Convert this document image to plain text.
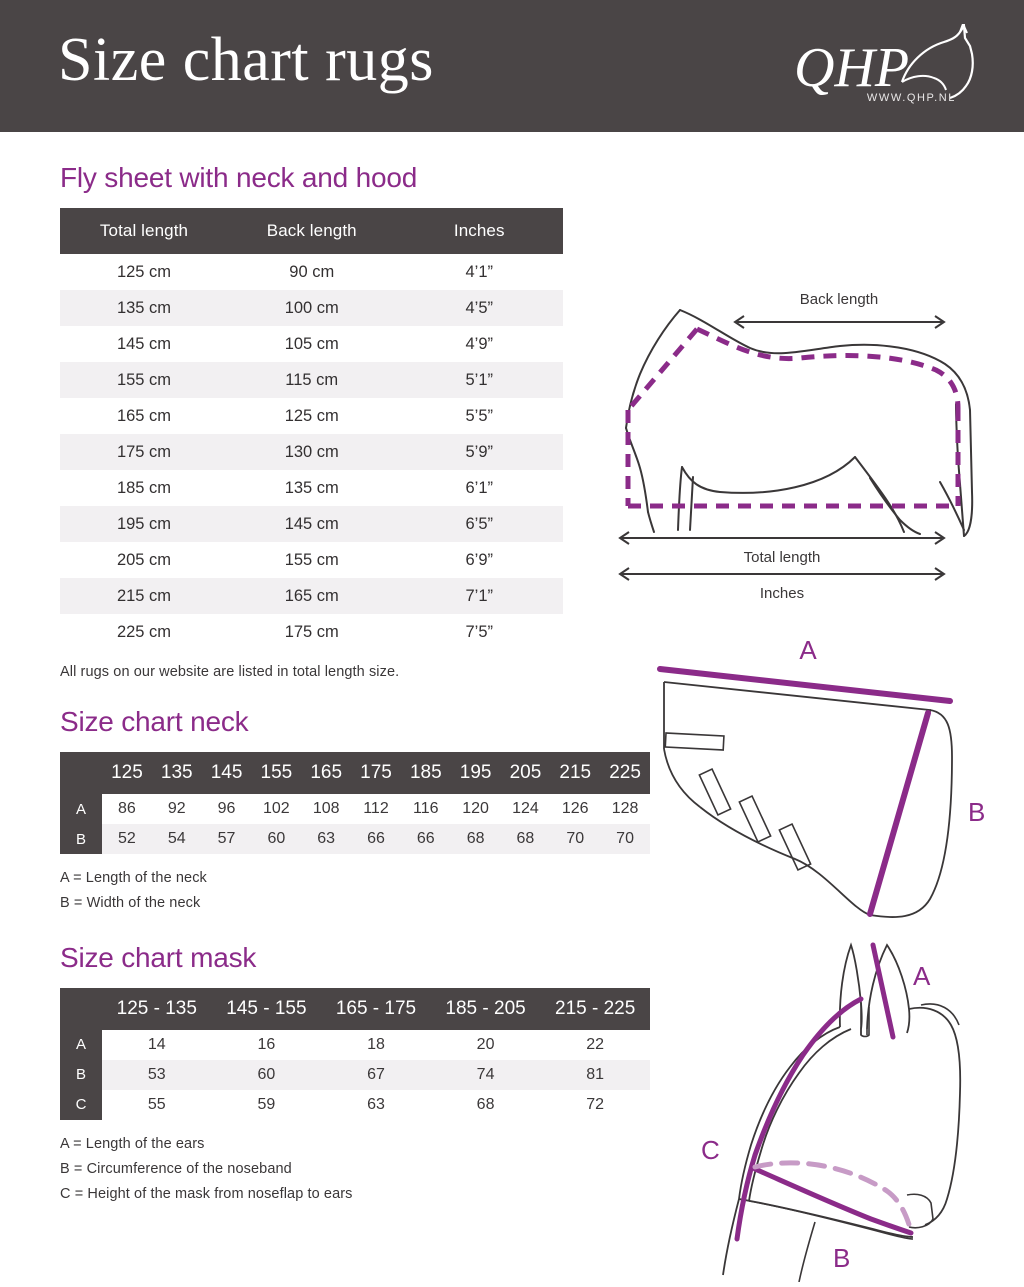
Size chart rugs	QHP
WWW.QHP.NL
Fly sheet with neck and hood
Total length	Back length	Inches
125 cm	90 cm	4’1”
135 cm	100 cm	4’5”
145 cm	105 cm	4’9”
155 cm	115 cm	5’1”
165 cm	125 cm	5’5”
175 cm	130 cm	5’9”
185 cm	135 cm	6’1”
195 cm	145 cm	6’5”
205 cm	155 cm	6’9”
215 cm	165 cm	7’1”
225 cm	175 cm	7’5”
All rugs on our website are listed in total length size.
Size chart neck
	125	135	145	155	165	175	185	195	205	215	225
A	86	92	96	102	108	112	116	120	124	126	128
B	52	54	57	60	63	66	66	68	68	70	70
A = Length of the neck
B = Width of the neck
Size chart mask
	125 - 135	145 - 155	165 - 175	185 - 205	215 - 225
A	14	16	18	20	22
B	53	60	67	74	81
C	55	59	63	68	72
A = Length of the ears
B = Circumference of the noseband
C = Height of the mask from noseflap to ears
Back length
Total length
Inches
A
B
A
C
B
